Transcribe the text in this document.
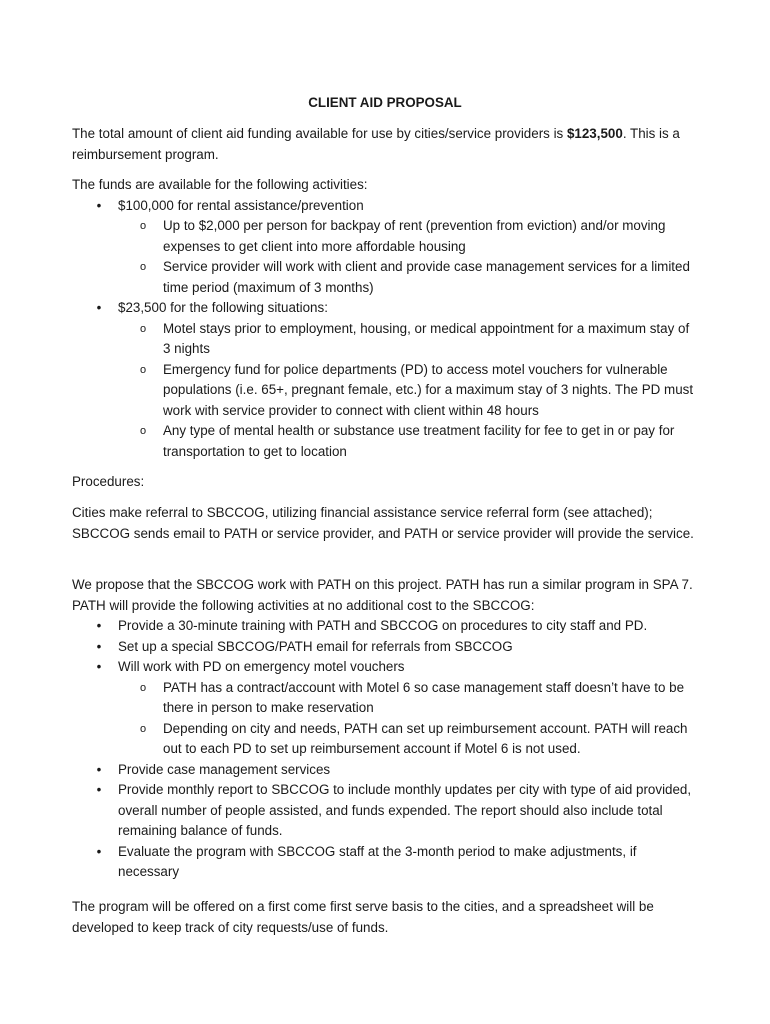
CLIENT AID PROPOSAL

The total amount of client aid funding available for use by cities/service providers is $123,500. This is a reimbursement program.

The funds are available for the following activities:
•	$100,000 for rental assistance/prevention
o Up to $2,000 per person for backpay of rent (prevention from eviction) and/or moving expenses to get client into more affordable housing
o Service provider will work with client and provide case management services for a limited time period (maximum of 3 months)
•	$23,500 for the following situations:
o Motel stays prior to employment, housing, or medical appointment for a maximum stay of 3 nights
o Emergency fund for police departments (PD) to access motel vouchers for vulnerable populations (i.e. 65+, pregnant female, etc.) for a maximum stay of 3 nights. The PD must work with service provider to connect with client within 48 hours
o Any type of mental health or substance use treatment facility for fee to get in or pay for transportation to get to location
Procedures:

Cities make referral to SBCCOG, utilizing financial assistance service referral form (see attached); SBCCOG sends email to PATH or service provider, and PATH or service provider will provide the service.

We propose that the SBCCOG work with PATH on this project. PATH has run a similar program in SPA 7. PATH will provide the following activities at no additional cost to the SBCCOG:
•	Provide a 30-minute training with PATH and SBCCOG on procedures to city staff and PD.
•	Set up a special SBCCOG/PATH email for referrals from SBCCOG
•	Will work with PD on emergency motel vouchers
o PATH has a contract/account with Motel 6 so case management staff doesn’t have to be there in person to make reservation
o Depending on city and needs, PATH can set up reimbursement account. PATH will reach out to each PD to set up reimbursement account if Motel 6 is not used.
•	Provide case management services
•	Provide monthly report to SBCCOG to include monthly updates per city with type of aid provided, overall number of people assisted, and funds expended. The report should also include total remaining balance of funds.
•	Evaluate the program with SBCCOG staff at the 3-month period to make adjustments, if necessary

The program will be offered on a first come first serve basis to the cities, and a spreadsheet will be developed to keep track of city requests/use of funds.
